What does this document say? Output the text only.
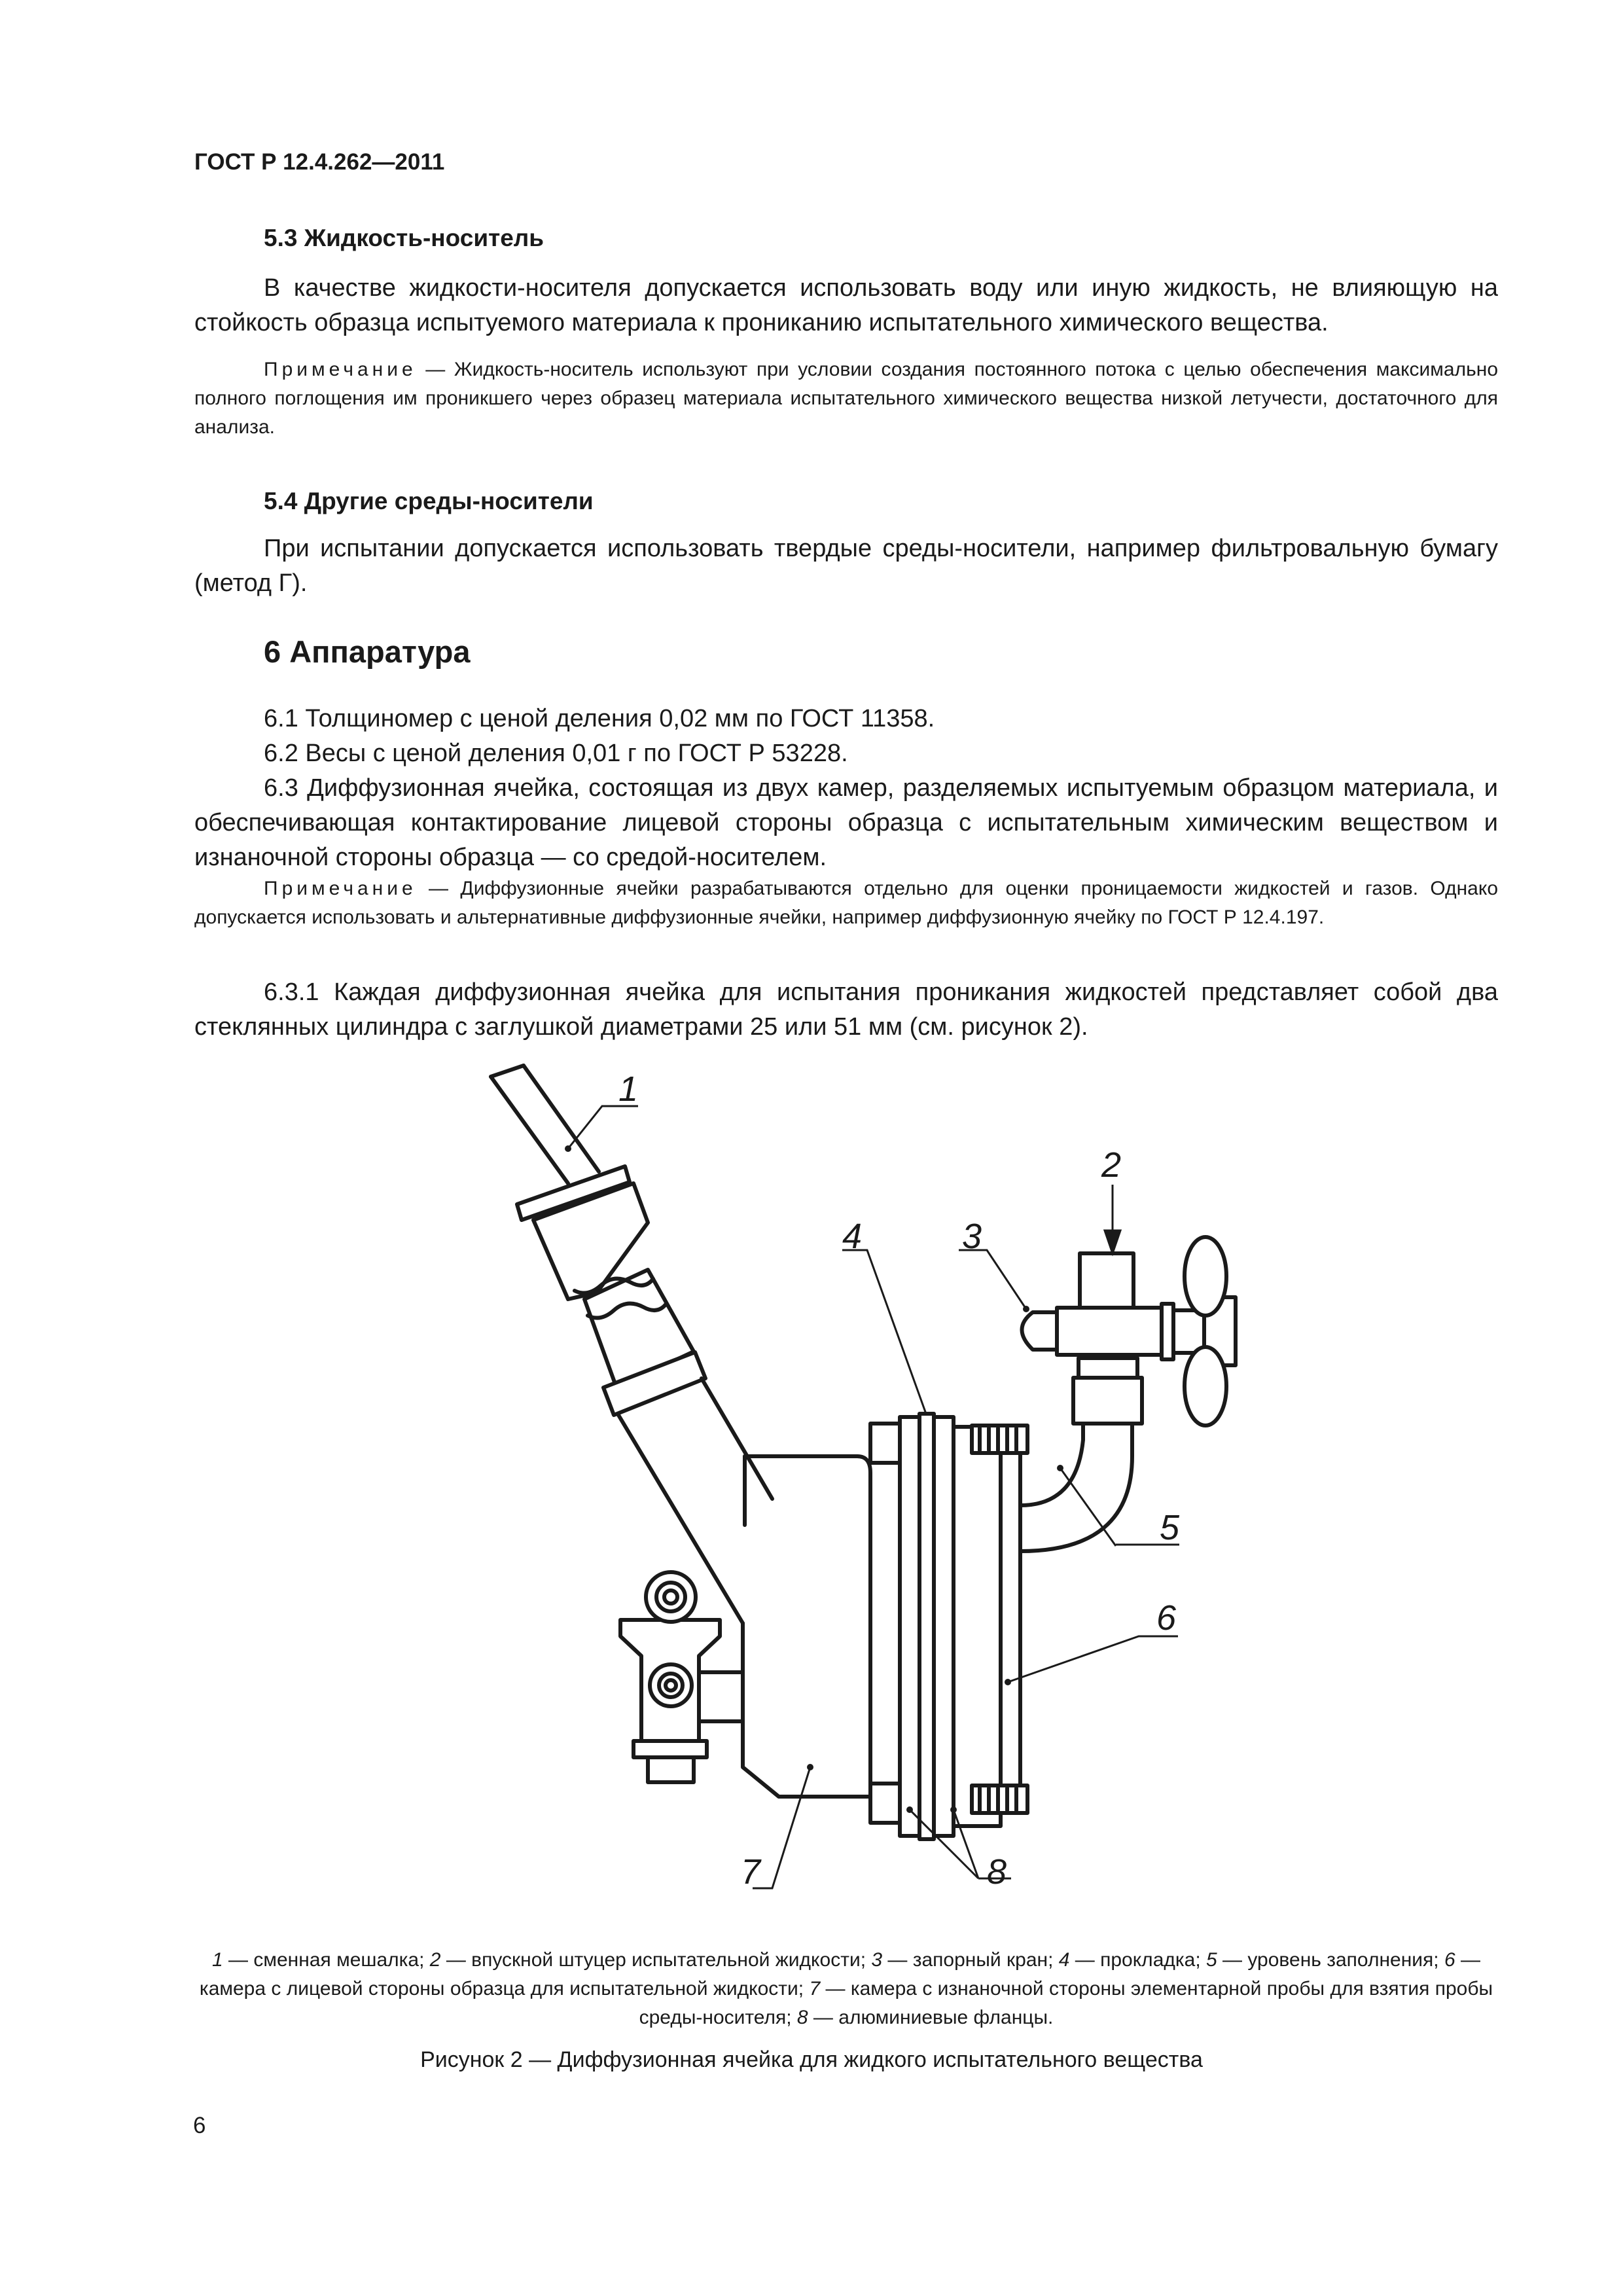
ГОСТ Р 12.4.262—2011
5.3 Жидкость-носитель
В качестве жидкости-носителя допускается использовать воду или иную жидкость, не влияющую на стойкость образца испытуемого материала к прониканию испытательного химического вещества.
Примечание — Жидкость-носитель используют при условии создания постоянного потока с целью обеспечения максимально полного поглощения им проникшего через образец материала испытательного химического вещества низкой летучести, достаточного для анализа.
5.4 Другие среды-носители
При испытании допускается использовать твердые среды-носители, например фильтровальную бумагу (метод Г).
6 Аппаратура
6.1 Толщиномер с ценой деления 0,02 мм по ГОСТ 11358.
6.2 Весы с ценой деления 0,01 г по ГОСТ Р 53228.
6.3 Диффузионная ячейка, состоящая из двух камер, разделяемых испытуемым образцом материала, и обеспечивающая контактирование лицевой стороны образца с испытательным химическим веществом и изнаночной стороны образца — со средой-носителем.
Примечание — Диффузионные ячейки разрабатываются отдельно для оценки проницаемости жидкостей и газов. Однако допускается использовать и альтернативные диффузионные ячейки, например диффузионную ячейку по ГОСТ Р 12.4.197.
6.3.1 Каждая диффузионная ячейка для испытания проникания жидкостей представляет собой два стеклянных цилиндра с заглушкой диаметрами 25 или 51 мм (см. рисунок 2).
1
2
3
4
5
6
7	8
1 — сменная мешалка; 2 — впускной штуцер испытательной жидкости; 3 — запорный кран; 4 — прокладка; 5 — уровень заполнения; 6 — камера с лицевой стороны образца для испытательной жидкости; 7 — камера с изнаночной стороны элементарной пробы для взятия пробы среды-носителя; 8 — алюминиевые фланцы.
Рисунок 2 — Диффузионная ячейка для жидкого испытательного вещества
6
